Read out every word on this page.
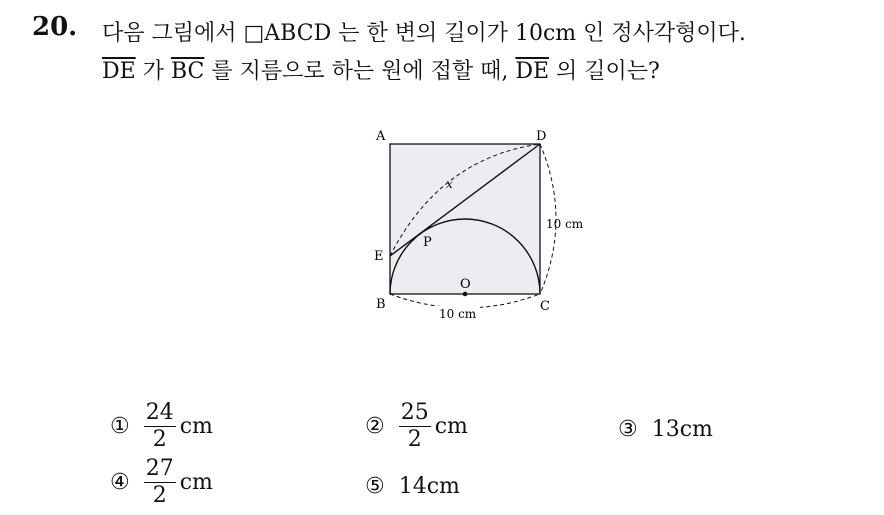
20. 다음 그림에서 □ABCD 는 한 변의 길이가 10cm 인 정사각형이다.
$\overline{DE}$ 가 $\overline{BC}$ 를 지름으로 하는 원에 접할 때, $\overline{DE}$ 의 길이는?
A	D
E
B	C
P
O
x
10 cm
10 cm
① $\frac{24}{2}$ cm	② $\frac{25}{2}$ cm	③ 13cm
④ $\frac{27}{2}$ cm	⑤ 14cm
